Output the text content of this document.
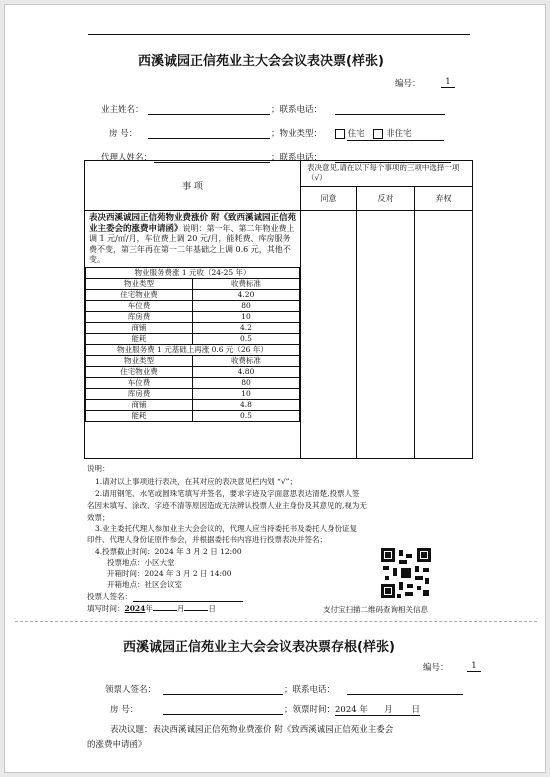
西溪诚园正信苑业主大会会议表决票(样张)
编号：	1
业主姓名：	；联系电话：
房 号：	；物业类型：	住宅	非住宅
代理人姓名：	；联系电话：
事 项	表决意见,请在以下每个事项的三项中选择一项（√）
同意	反对	弃权

表决西溪诚园正信苑物业费涨价 附《致西溪诚园正信苑业主委会的涨费申请函》说明：第一年、第二年物业费上调 1 元/㎡/月，车位费上调 20 元/月，能耗费、库房服务费不变，第三年再在第一二年基础之上调 0.6 元，其他不变。
物业服务费涨 1 元收（24-25 年）
物业类型	收费标准
住宅物业费	4.20
车位费	80
库房费	10
商铺	4.2
能耗	0.5
物业服务费 1 元基础上再涨 0.6 元（26 年）
物业类型	收费标准
住宅物业费	4.80
车位费	80
库房费	10
商铺	4.8
能耗	0.5

说明：
1.请对以上事项进行表决，在其对应的表决意见栏内划 “√”；
2.请用钢笔、水笔或圆珠笔填写并签名，要求字迹及字面意思表达清楚,投票人签
名因未填写、涂改、字迹不清等原因造成无法辨认投票人业主身份及其意见的,视为无
效票；
3.业主委托代理人参加业主大会会议的，代理人应当持委托书及委托人身份证复
印件、代理人身份证原件参会，并根据委托书内容进行投票表决并签名；
4.投票截止时间：2024 年 3 月 2 日 12:00
投票地点：小区大堂
开箱时间：2024 年 3 月 2 日 14:00
开箱地点：社区会议室
投票人签名：
填写时间：2024年	月	日	支付宝扫描二维码查询相关信息
西溪诚园正信苑业主大会会议表决票存根(样张)
编号：	1
领票人签名：	；联系电话：
房 号：	；领票时间：2024 年 月 日
表决议题：表决西溪诚园正信苑物业费涨价 附《致西溪诚园正信苑业主委会
的涨费申请函》
